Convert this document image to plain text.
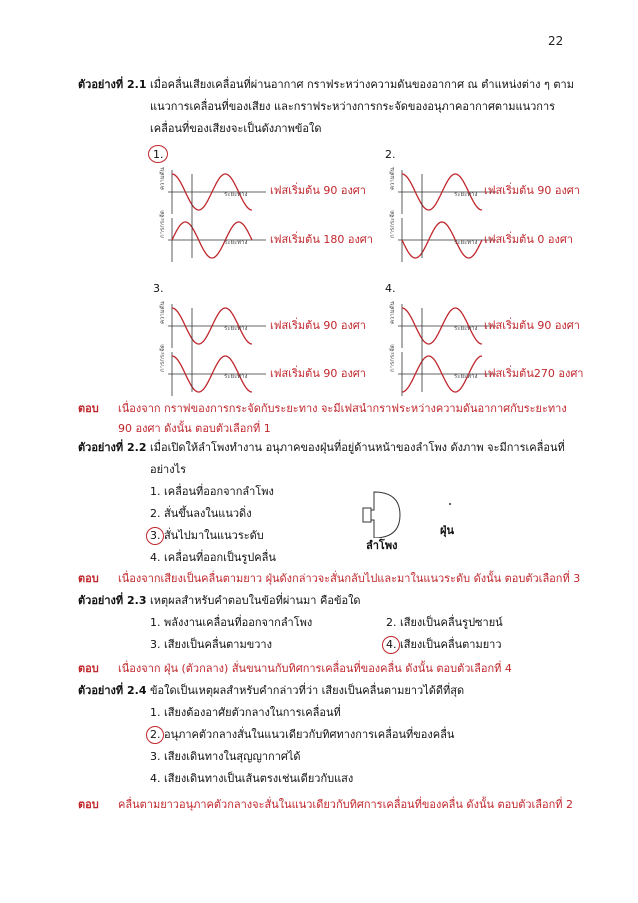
22
ตัวอย่างที่ 2.1 เมื่อคลื่นเสียงเคลื่อนที่ผ่านอากาศ กราฟระหว่างความดันของอากาศ ณ ตำแหน่งต่าง ๆ ตาม
แนวการเคลื่อนที่ของเสียง และกราฟระหว่างการกระจัดของอนุภาคอากาศตามแนวการ
เคลื่อนที่ของเสียงจะเป็นดังภาพข้อใด
1.	2.
3.	4.
ระยะทาง
ความดัน
ระยะทาง
การกระจัด
ระยะทาง
ความดัน
ระยะทาง
การกระจัด
ระยะทาง
ความดัน
ระยะทาง
การกระจัด
ระยะทาง
ความดัน
ระยะทาง
การกระจัด
เฟสเริ่มต้น 90 องศา
เฟสเริ่มต้น 180 องศา
เฟสเริ่มต้น 90 องศา
เฟสเริ่มต้น 0 องศา
เฟสเริ่มต้น 90 องศา
เฟสเริ่มต้น 90 องศา
เฟสเริ่มต้น 90 องศา
เฟสเริ่มต้น270 องศา
ตอบ เนื่องจาก กราฟของการกระจัดกับระยะทาง จะมีเฟสนำกราฟระหว่างความดันอากาศกับระยะทาง
90 องศา ดังนั้น ตอบตัวเลือกที่ 1
ตัวอย่างที่ 2.2 เมื่อเปิดให้ลำโพงทำงาน อนุภาคของฝุ่นที่อยู่ด้านหน้าของลำโพง ดังภาพ จะมีการเคลื่อนที่
อย่างไร
1. เคลื่อนที่ออกจากลำโพง
2. สั่นขึ้นลงในแนวดิ่ง
3. สั่นไปมาในแนวระดับ
4. เคลื่อนที่ออกเป็นรูปคลื่น
ลำโพง
ฝุ่น
ตอบ เนื่องจากเสียงเป็นคลื่นตามยาว ฝุ่นดังกล่าวจะสั่นกลับไปและมาในแนวระดับ ดังนั้น ตอบตัวเลือกที่ 3
ตัวอย่างที่ 2.3 เหตุผลสำหรับคำตอบในข้อที่ผ่านมา คือข้อใด
1. พลังงานเคลื่อนที่ออกจากลำโพง	2. เสียงเป็นคลื่นรูปซายน์
3. เสียงเป็นคลื่นตามขวาง	4. เสียงเป็นคลื่นตามยาว
ตอบ เนื่องจาก ฝุ่น (ตัวกลาง) สั่นขนานกับทิศการเคลื่อนที่ของคลื่น ดังนั้น ตอบตัวเลือกที่ 4
ตัวอย่างที่ 2.4 ข้อใดเป็นเหตุผลสำหรับคำกล่าวที่ว่า เสียงเป็นคลื่นตามยาวได้ดีที่สุด
1. เสียงต้องอาศัยตัวกลางในการเคลื่อนที่
2. อนุภาคตัวกลางสั่นในแนวเดียวกับทิศทางการเคลื่อนที่ของคลื่น
3. เสียงเดินทางในสุญญากาศได้
4. เสียงเดินทางเป็นเส้นตรงเช่นเดียวกับแสง
ตอบ คลื่นตามยาวอนุภาคตัวกลางจะสั่นในแนวเดียวกับทิศการเคลื่อนที่ของคลื่น ดังนั้น ตอบตัวเลือกที่ 2
